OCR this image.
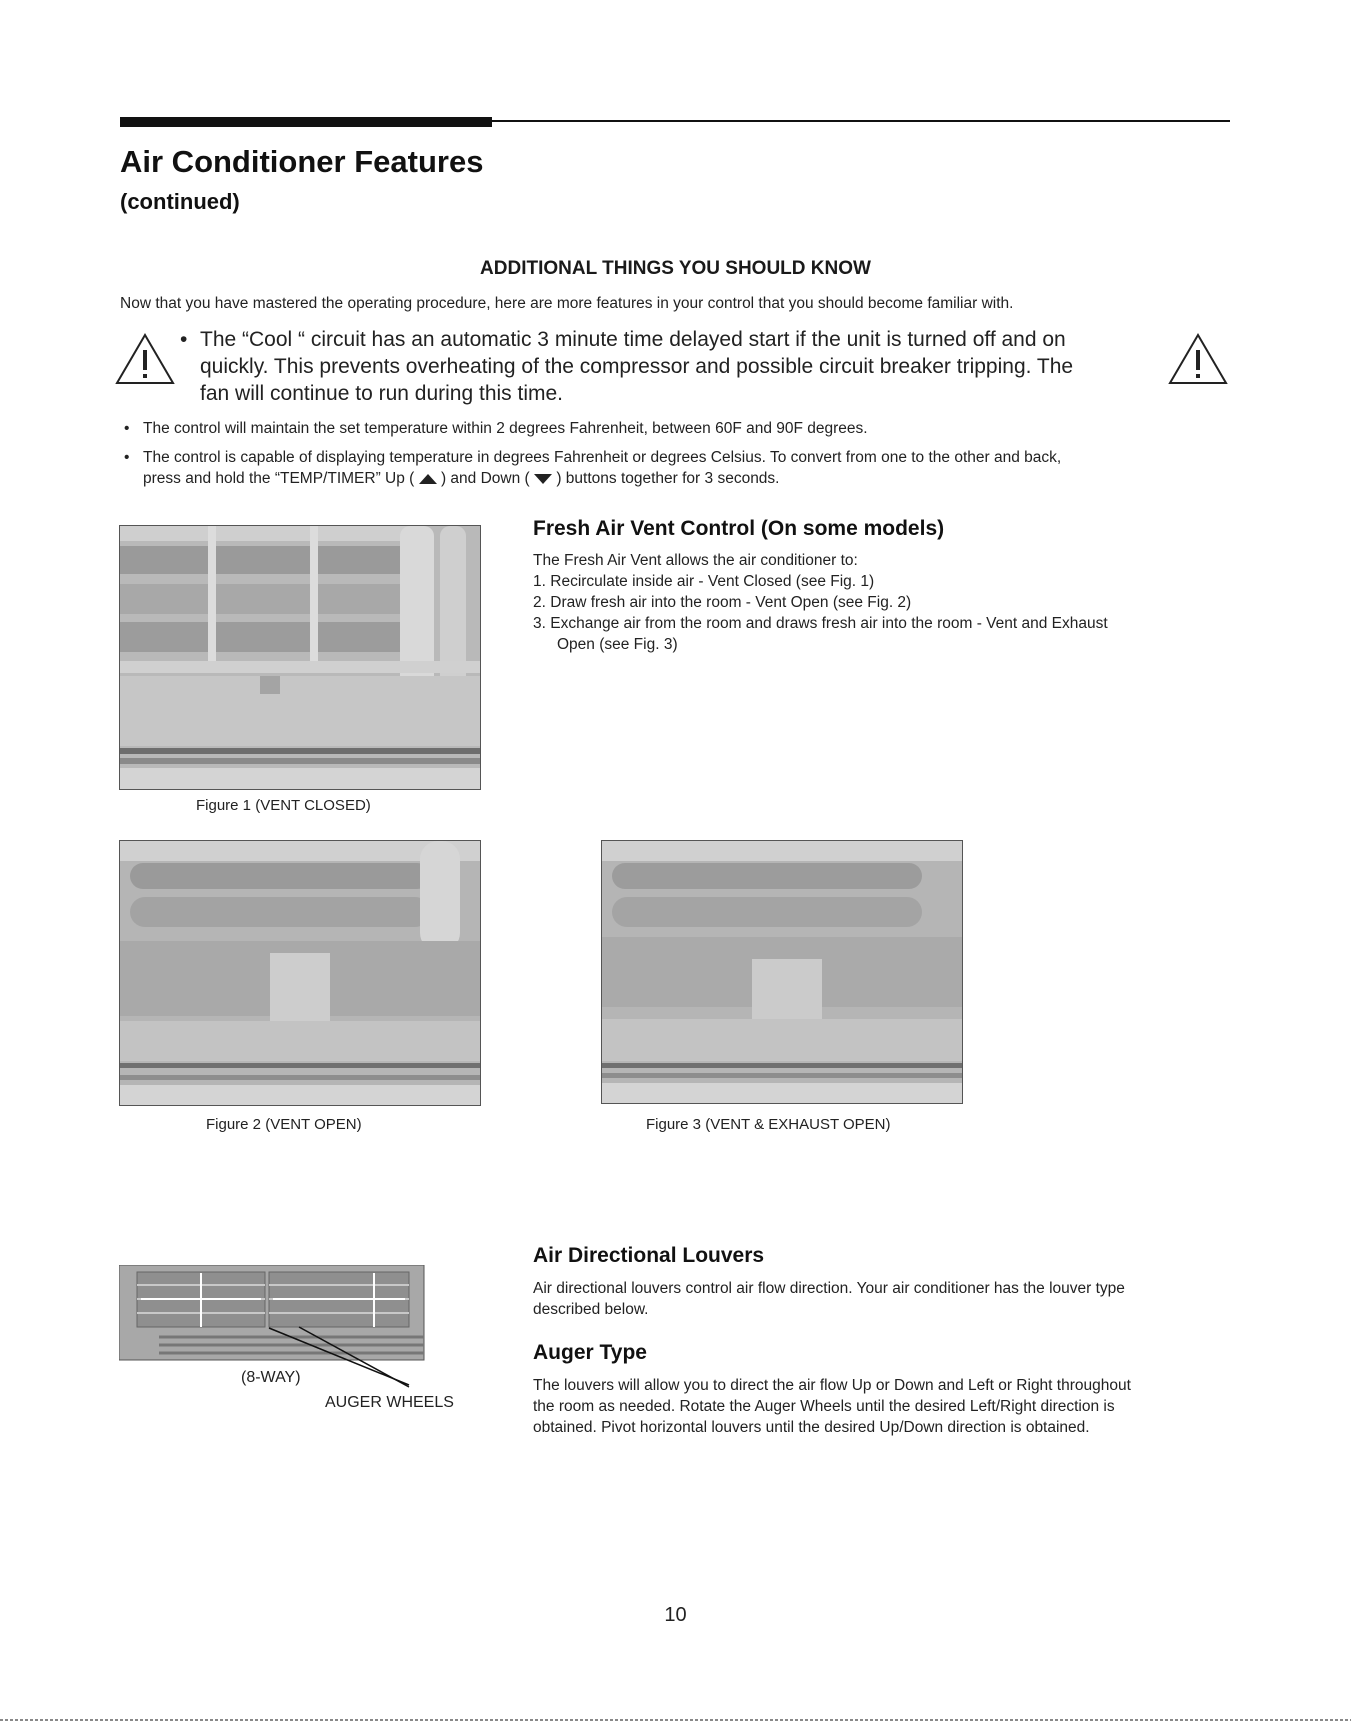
Air Conditioner Features
(continued)
ADDITIONAL THINGS YOU SHOULD KNOW
Now that you have mastered the operating procedure, here are more features in your control that you should become familiar with.
• The “Cool “ circuit has an automatic 3 minute time delayed start if the unit is turned off and on
quickly. This prevents overheating of the compressor and possible circuit breaker tripping. The
fan will continue to run during this time.
• The control will maintain the set temperature within 2 degrees Fahrenheit, between 60F and 90F degrees.
• The control is capable of displaying temperature in degrees Fahrenheit or degrees Celsius. To convert from one to the other and back,
press and hold the “TEMP/TIMER” Up ( ) and Down ( ) buttons together for 3 seconds.
Figure 1 (VENT CLOSED)
Fresh Air Vent Control (On some models)
The Fresh Air Vent allows the air conditioner to:
1. Recirculate inside air - Vent Closed (see Fig. 1)
2. Draw fresh air into the room - Vent Open (see Fig. 2)
3. Exchange air from the room and draws fresh air into the room - Vent and Exhaust
Open (see Fig. 3)
Figure 2 (VENT OPEN)	Figure 3 (VENT & EXHAUST OPEN)
(8-WAY)
AUGER WHEELS
Air Directional Louvers
Air directional louvers control air flow direction. Your air conditioner has the louver type
described below.
Auger Type
The louvers will allow you to direct the air flow Up or Down and Left or Right throughout
the room as needed. Rotate the Auger Wheels until the desired Left/Right direction is
obtained. Pivot horizontal louvers until the desired Up/Down direction is obtained.
10
